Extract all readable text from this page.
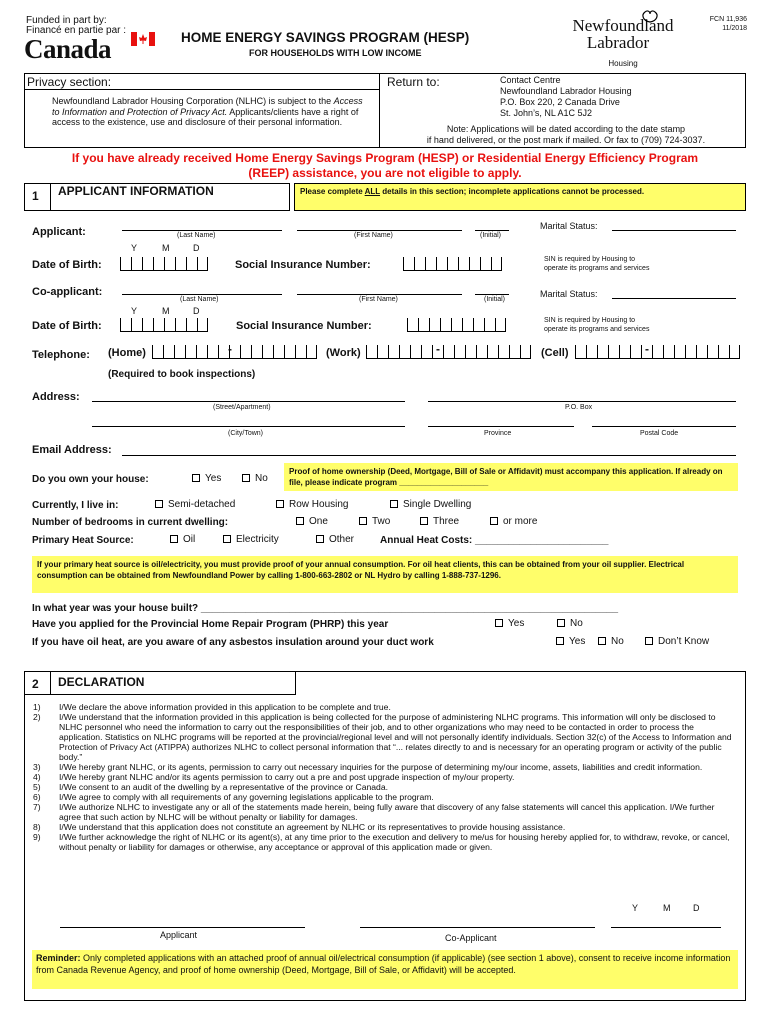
Funded in part by:
Financé en partie par :
Canada	HOME ENERGY SAVINGS PROGRAM (HESP)
FOR HOUSEHOLDS WITH LOW INCOME
Newfoundland
Labrador
Housing
FCN 11,936
11/2018
Privacy section:
Newfoundland Labrador Housing Corporation (NLHC) is subject to the Access to Information and Protection of Privacy Act. Applicants/clients have a right of access to the existence, use and disclosure of their personal information.
Return to:	Contact Centre
Newfoundland Labrador Housing
P.O. Box 220, 2 Canada Drive
St. John’s, NL A1C 5J2
Note: Applications will be dated according to the date stamp
if hand delivered, or the post mark if mailed. Or fax to (709) 724-3037.
If you have already received Home Energy Savings Program (HESP) or Residential Energy Efficiency Program
(REEP) assistance, you are not eligible to apply.
1 APPLICANT INFORMATION	Please complete ALL details in this section; incomplete applications cannot be processed.
Applicant:	(Last Name)	(First Name)	(Initial)
Marital Status:
Y	M	D
Date of Birth:	Social Insurance Number:	SIN is required by Housing to
operate its programs and services
Co-applicant:
(Last Name)	(First Name)	(Initial)
Marital Status:
Y	M	D
Date of Birth:	Social Insurance Number:	SIN is required by Housing to
operate its programs and services
Telephone: (Home)	-	(Work)	-	(Cell)	-
(Required to book inspections)
Address:
(Street/Apartment)	P.O. Box
(City/Town)	Province	Postal Code
Email Address:
Do you own your house:	Yes	No
Proof of home ownership (Deed, Mortgage, Bill of Sale or Affidavit) must accompany this application. If already on file, please indicate program ____________________
Currently, I live in:	Semi-detached	Row Housing	Single Dwelling
Number of bedrooms in current dwelling:	One	Two	Three	or more
Primary Heat Source:	Oil	Electricity	Other	Annual Heat Costs: ________________________
If your primary heat source is oil/electricity, you must provide proof of your annual consumption. For oil heat clients, this can be obtained from your oil supplier. Electrical consumption can be obtained from Newfoundland Power by calling 1-800-663-2802 or NL Hydro by calling 1-888-737-1296.
In what year was your house built? ___________________________________________________________________________
Have you applied for the Provincial Home Repair Program (PHRP) this year	Yes	No
If you have oil heat, are you aware of any asbestos insulation around your duct work	Yes	No	Don’t Know
2 DECLARATION
1) I/We declare the above information provided in this application to be complete and true.
2) I/We understand that the information provided in this application is being collected for the purpose of administering NLHC programs. This information will only be disclosed to NLHC personnel who need the information to carry out the responsibilities of their job, and to other organizations who may need to be contacted in order to process the application. Statistics on NLHC programs will be reported at the provincial/regional level and will not personally identify individuals. Section 32(c) of the Access to Information and Protection of Privacy Act (ATIPPA) authorizes NLHC to collect personal information that “... relates directly to and is necessary for an operating program or activity of the public body.”
3) I/We hereby grant NLHC, or its agents, permission to carry out necessary inquiries for the purpose of determining my/our income, assets, liabilities and credit information.
4) I/We hereby grant NLHC and/or its agents permission to carry out a pre and post upgrade inspection of my/our property.
5) I/We consent to an audit of the dwelling by a representative of the province or Canada.
6) I/We agree to comply with all requirements of any governing legislations applicable to the program.
7) I/We authorize NLHC to investigate any or all of the statements made herein, being fully aware that discovery of any false statements will cancel this application. I/We further agree that such action by NLHC will be without penalty or liability for damages.
8) I/We understand that this application does not constitute an agreement by NLHC or its representatives to provide housing assistance.
9) I/We further acknowledge the right of NLHC or its agent(s), at any time prior to the execution and delivery to me/us for housing hereby applied for, to withdraw, revoke, or cancel, without penalty or liability for damages or otherwise, any acceptance or approval of this application made or given.
Y	M	D
Applicant	Co-Applicant
Reminder: Only completed applications with an attached proof of annual oil/electrical consumption (if applicable) (see section 1 above), consent to receive income information from Canada Revenue Agency, and proof of home ownership (Deed, Mortgage, Bill of Sale, or Affidavit) will be accepted.
